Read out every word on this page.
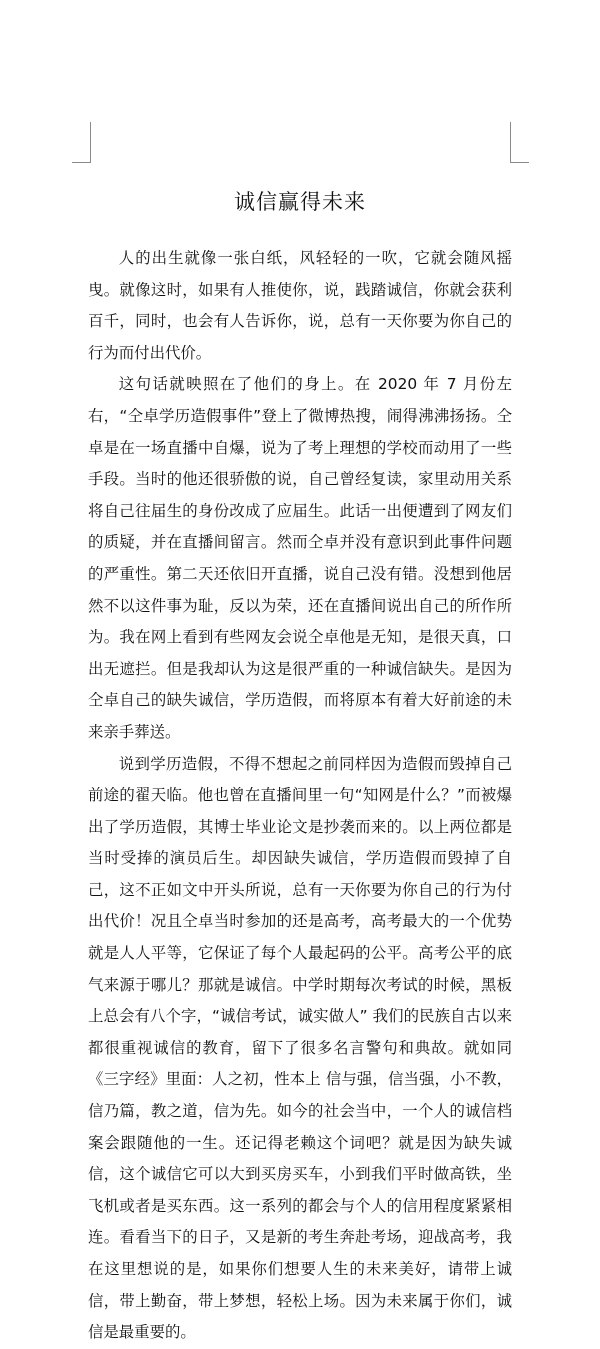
诚信赢得未来

人的出生就像一张白纸，风轻轻的一吹，它就会随风摇曳。就像这时，如果有人推使你，说，践踏诚信，你就会获利百千，同时，也会有人告诉你，说，总有一天你要为你自己的行为而付出代价。

这句话就映照在了他们的身上。在 2020 年 7 月份左右，“仝卓学历造假事件”登上了微博热搜，闹得沸沸扬扬。仝卓是在一场直播中自爆，说为了考上理想的学校而动用了一些手段。当时的他还很骄傲的说，自己曾经复读，家里动用关系将自己往届生的身份改成了应届生。此话一出便遭到了网友们的质疑，并在直播间留言。然而仝卓并没有意识到此事件问题的严重性。第二天还依旧开直播，说自己没有错。没想到他居然不以这件事为耻，反以为荣，还在直播间说出自己的所作所为。我在网上看到有些网友会说仝卓他是无知，是很天真，口出无遮拦。但是我却认为这是很严重的一种诚信缺失。是因为仝卓自己的缺失诚信，学历造假，而将原本有着大好前途的未来亲手葬送。

说到学历造假，不得不想起之前同样因为造假而毁掉自己前途的翟天临。他也曾在直播间里一句“知网是什么？”而被爆出了学历造假，其博士毕业论文是抄袭而来的。以上两位都是当时受捧的演员后生。却因缺失诚信，学历造假而毁掉了自己，这不正如文中开头所说，总有一天你要为你自己的行为付出代价！况且仝卓当时参加的还是高考，高考最大的一个优势就是人人平等，它保证了每个人最起码的公平。高考公平的底气来源于哪儿？那就是诚信。中学时期每次考试的时候，黑板上总会有八个字，“诚信考试，诚实做人” 我们的民族自古以来都很重视诚信的教育，留下了很多名言警句和典故。就如同《三字经》里面：人之初，性本上 信与强，信当强，小不教，信乃篇，教之道，信为先。如今的社会当中，一个人的诚信档案会跟随他的一生。还记得老赖这个词吧？就是因为缺失诚信，这个诚信它可以大到买房买车，小到我们平时做高铁，坐飞机或者是买东西。这一系列的都会与个人的信用程度紧紧相连。看看当下的日子，又是新的考生奔赴考场，迎战高考，我在这里想说的是，如果你们想要人生的未来美好，请带上诚信，带上勤奋，带上梦想，轻松上场。因为未来属于你们，诚信是最重要的。
